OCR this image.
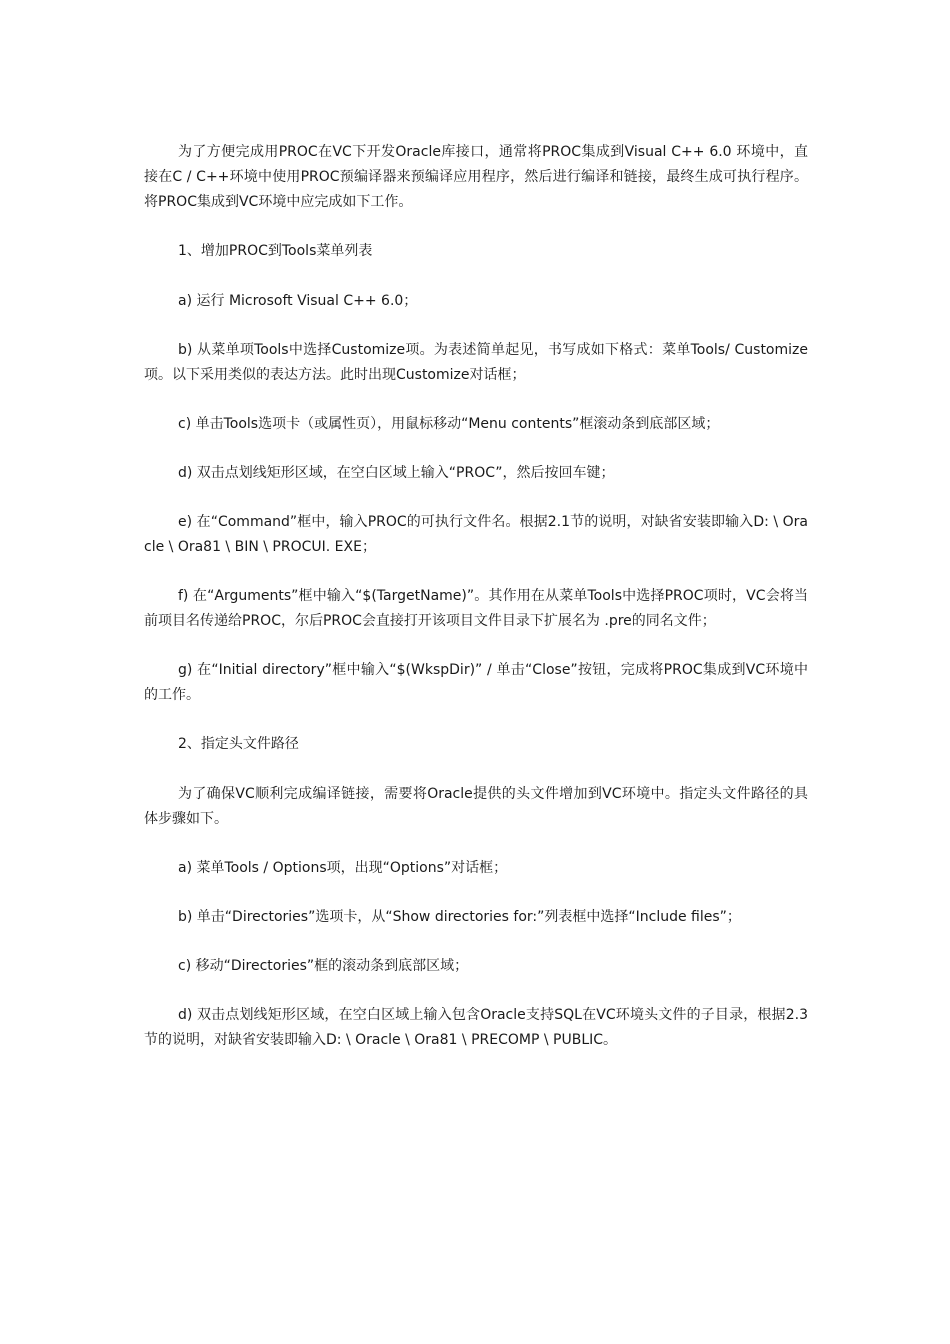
为了方便完成用PROC在VC下开发Oracle库接口，通常将PROC集成到Visual C++ 6.0 环境中，直接在C / C++环境中使用PROC预编译器来预编译应用程序，然后进行编译和链接，最终生成可执行程序。将PROC集成到VC环境中应完成如下工作。

1、增加PROC到Tools菜单列表

a) 运行 Microsoft Visual C++ 6.0；

b) 从菜单项Tools中选择Customize项。为表述简单起见，书写成如下格式：菜单Tools/ Customize 项。以下采用类似的表达方法。此时出现Customize对话框；

c) 单击Tools选项卡（或属性页），用鼠标移动“Menu contents”框滚动条到底部区域；

d) 双击点划线矩形区域，在空白区域上输入“PROC”，然后按回车键；

e) 在“Command”框中，输入PROC的可执行文件名。根据2.1节的说明，对缺省安装即输入D: \ Oracle \ Ora81 \ BIN \ PROCUI. EXE；

f) 在“Arguments”框中输入“$(TargetName)”。其作用在从菜单Tools中选择PROC项时，VC会将当前项目名传递给PROC，尔后PROC会直接打开该项目文件目录下扩展名为 .pre的同名文件；

g) 在“Initial directory”框中输入“$(WkspDir)” / 单击“Close”按钮，完成将PROC集成到VC环境中的工作。

2、指定头文件路径

为了确保VC顺利完成编译链接，需要将Oracle提供的头文件增加到VC环境中。指定头文件路径的具体步骤如下。

a) 菜单Tools / Options项，出现“Options”对话框；

b) 单击“Directories”选项卡，从“Show directories for:”列表框中选择“Include files”；

c) 移动“Directories”框的滚动条到底部区域；

d) 双击点划线矩形区域，在空白区域上输入包含Oracle支持SQL在VC环境头文件的子目录，根据2.3节的说明，对缺省安装即输入D: \ Oracle \ Ora81 \ PRECOMP \ PUBLIC。
